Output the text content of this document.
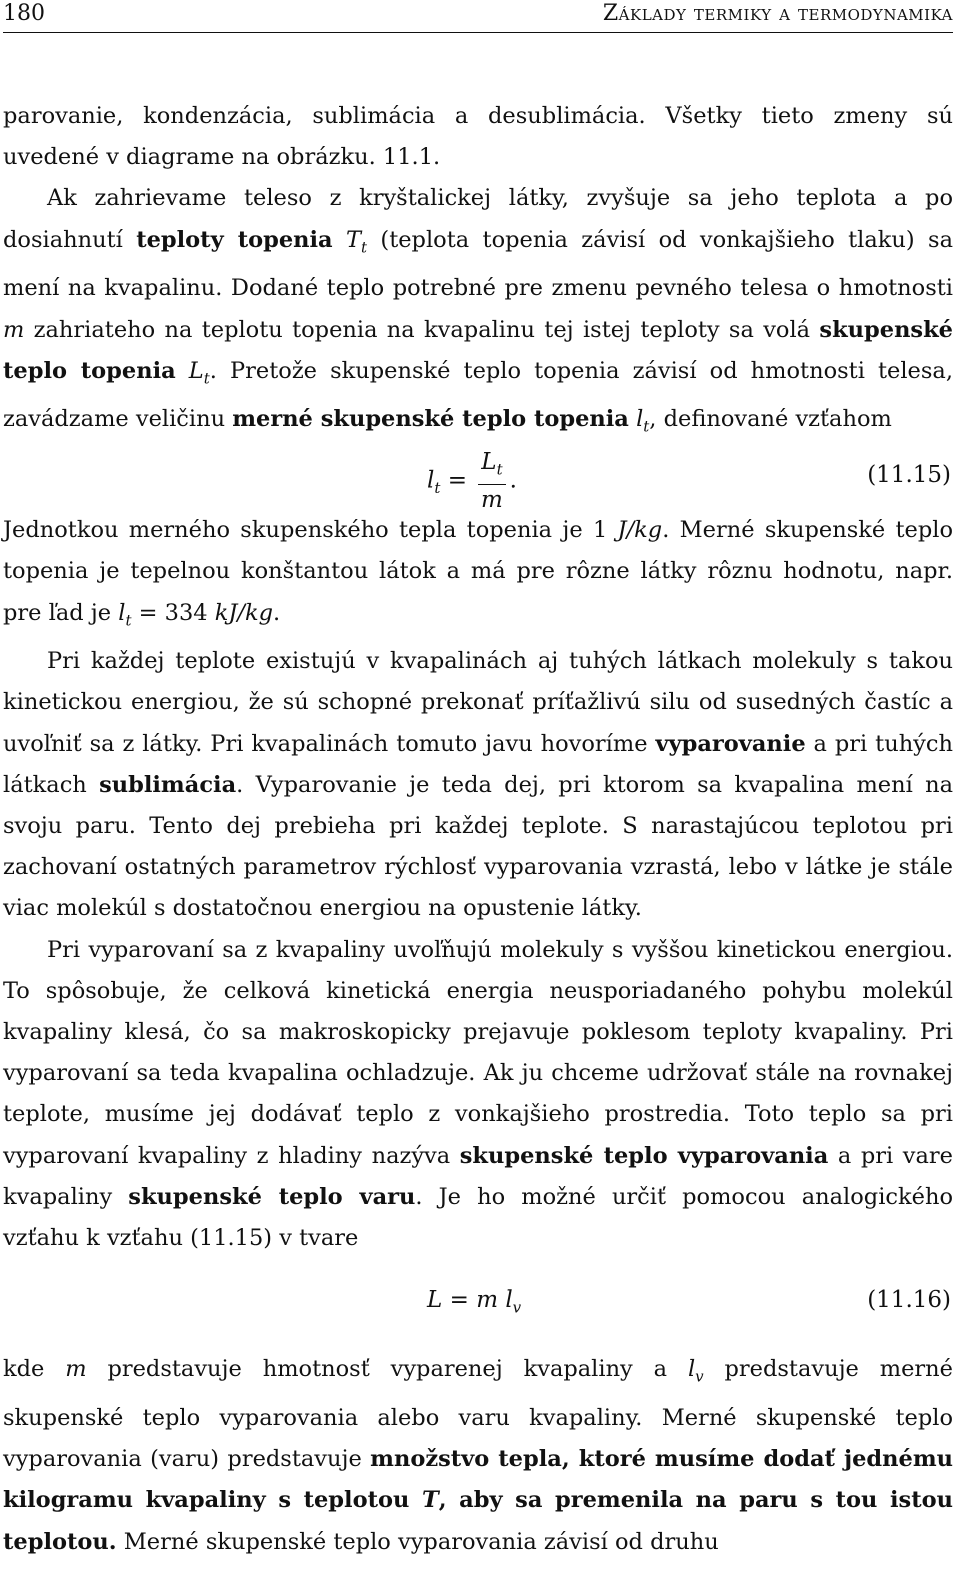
180	Základy termiky a termodynamika

parovanie, kondenzácia, sublimácia a desublimácia. Všetky tieto zmeny sú uvedené v diagrame na obrázku. 11.1.

Ak zahrievame teleso z kryštalickej látky, zvyšuje sa jeho teplota a po dosiahnutí teploty topenia $T_t$ (teplota topenia závisí od vonkajšieho tlaku) sa mení na kvapalinu. Dodané teplo potrebné pre zmenu pevného telesa o hmotnosti m zahriateho na teplotu topenia na kvapalinu tej istej teploty sa volá skupenské teplo topenia $L_t$. Pretože skupenské teplo topenia závisí od hmotnosti telesa, zavádzame veličinu merné skupenské teplo topenia $l_t$, definované vzťahom

$l_t = \frac{L_t}{m}$ .	(11.15)

Jednotkou merného skupenského tepla topenia je 1 J/kg. Merné skupenské teplo topenia je tepelnou konštantou látok a má pre rôzne látky rôznu hodnotu, napr. pre ľad je $l_t = 334$ kJ/kg.

Pri každej teplote existujú v kvapalinách aj tuhých látkach molekuly s takou kinetickou energiou, že sú schopné prekonať príťažlivú silu od susedných častíc a uvoľniť sa z látky. Pri kvapalinách tomuto javu hovoríme vyparovanie a pri tuhých látkach sublimácia. Vyparovanie je teda dej, pri ktorom sa kvapalina mení na svoju paru. Tento dej prebieha pri každej teplote. S narastajúcou teplotou pri zachovaní ostatných parametrov rýchlosť vyparovania vzrastá, lebo v látke je stále viac molekúl s dostatočnou energiou na opustenie látky.

Pri vyparovaní sa z kvapaliny uvoľňujú molekuly s vyššou kinetickou energiou. To spôsobuje, že celková kinetická energia neusporiadaného pohybu molekúl kvapaliny klesá, čo sa makroskopicky prejavuje poklesom teploty kvapaliny. Pri vyparovaní sa teda kvapalina ochladzuje. Ak ju chceme udržovať stále na rovnakej teplote, musíme jej dodávať teplo z vonkajšieho prostredia. Toto teplo sa pri vyparovaní kvapaliny z hladiny nazýva skupenské teplo vyparovania a pri vare kvapaliny skupenské teplo varu. Je ho možné určiť pomocou analogického vzťahu k vzťahu (11.15) v tvare

L = m $l_v$	(11.16)

kde m predstavuje hmotnosť vyparenej kvapaliny a $l_v$ predstavuje merné skupenské teplo vyparovania alebo varu kvapaliny. Merné skupenské teplo vyparovania (varu) predstavuje množstvo tepla, ktoré musíme dodať jednému kilogramu kvapaliny s teplotou T, aby sa premenila na paru s tou istou teplotou. Merné skupenské teplo vyparovania závisí od druhu
